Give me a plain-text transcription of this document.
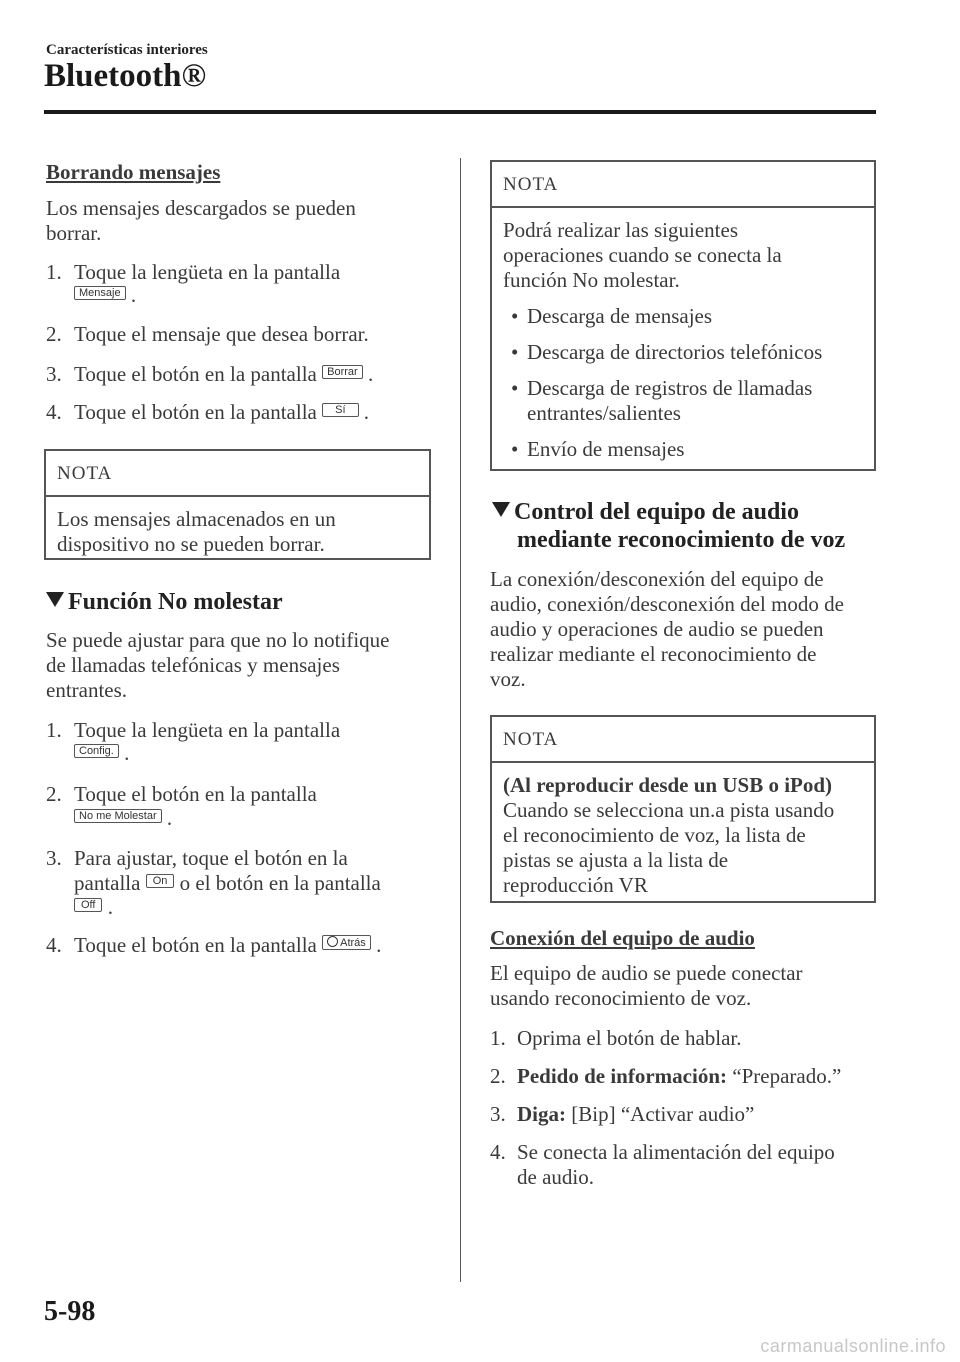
Características interiores
Bluetooth®
Borrando mensajes
Los mensajes descargados se pueden
borrar.
1. Toque la lengüeta en la pantalla
Mensaje .
2. Toque el mensaje que desea borrar.
3. Toque el botón en la pantalla Borrar .
4. Toque el botón en la pantalla Sí .
NOTA
Los mensajes almacenados en un
dispositivo no se pueden borrar.
Función No molestar
Se puede ajustar para que no lo notifique
de llamadas telefónicas y mensajes
entrantes.
1. Toque la lengüeta en la pantalla
Config. .
2. Toque el botón en la pantalla
No me Molestar .
3. Para ajustar, toque el botón en la
pantalla On o el botón en la pantalla
Off .
4. Toque el botón en la pantalla Atrás .
NOTA
Podrá realizar las siguientes
operaciones cuando se conecta la
función No molestar.
• Descarga de mensajes
• Descarga de directorios telefónicos
• Descarga de registros de llamadas
entrantes/salientes
• Envío de mensajes
Control del equipo de audio
mediante reconocimiento de voz
La conexión/desconexión del equipo de
audio, conexión/desconexión del modo de
audio y operaciones de audio se pueden
realizar mediante el reconocimiento de
voz.
NOTA
(Al reproducir desde un USB o iPod)
Cuando se selecciona un.a pista usando
el reconocimiento de voz, la lista de
pistas se ajusta a la lista de
reproducción VR
Conexión del equipo de audio
El equipo de audio se puede conectar
usando reconocimiento de voz.
1. Oprima el botón de hablar.
2. Pedido de información: “Preparado.”
3. Diga: [Bip] “Activar audio”
4. Se conecta la alimentación del equipo
de audio.
5-98
carmanualsonline.info
